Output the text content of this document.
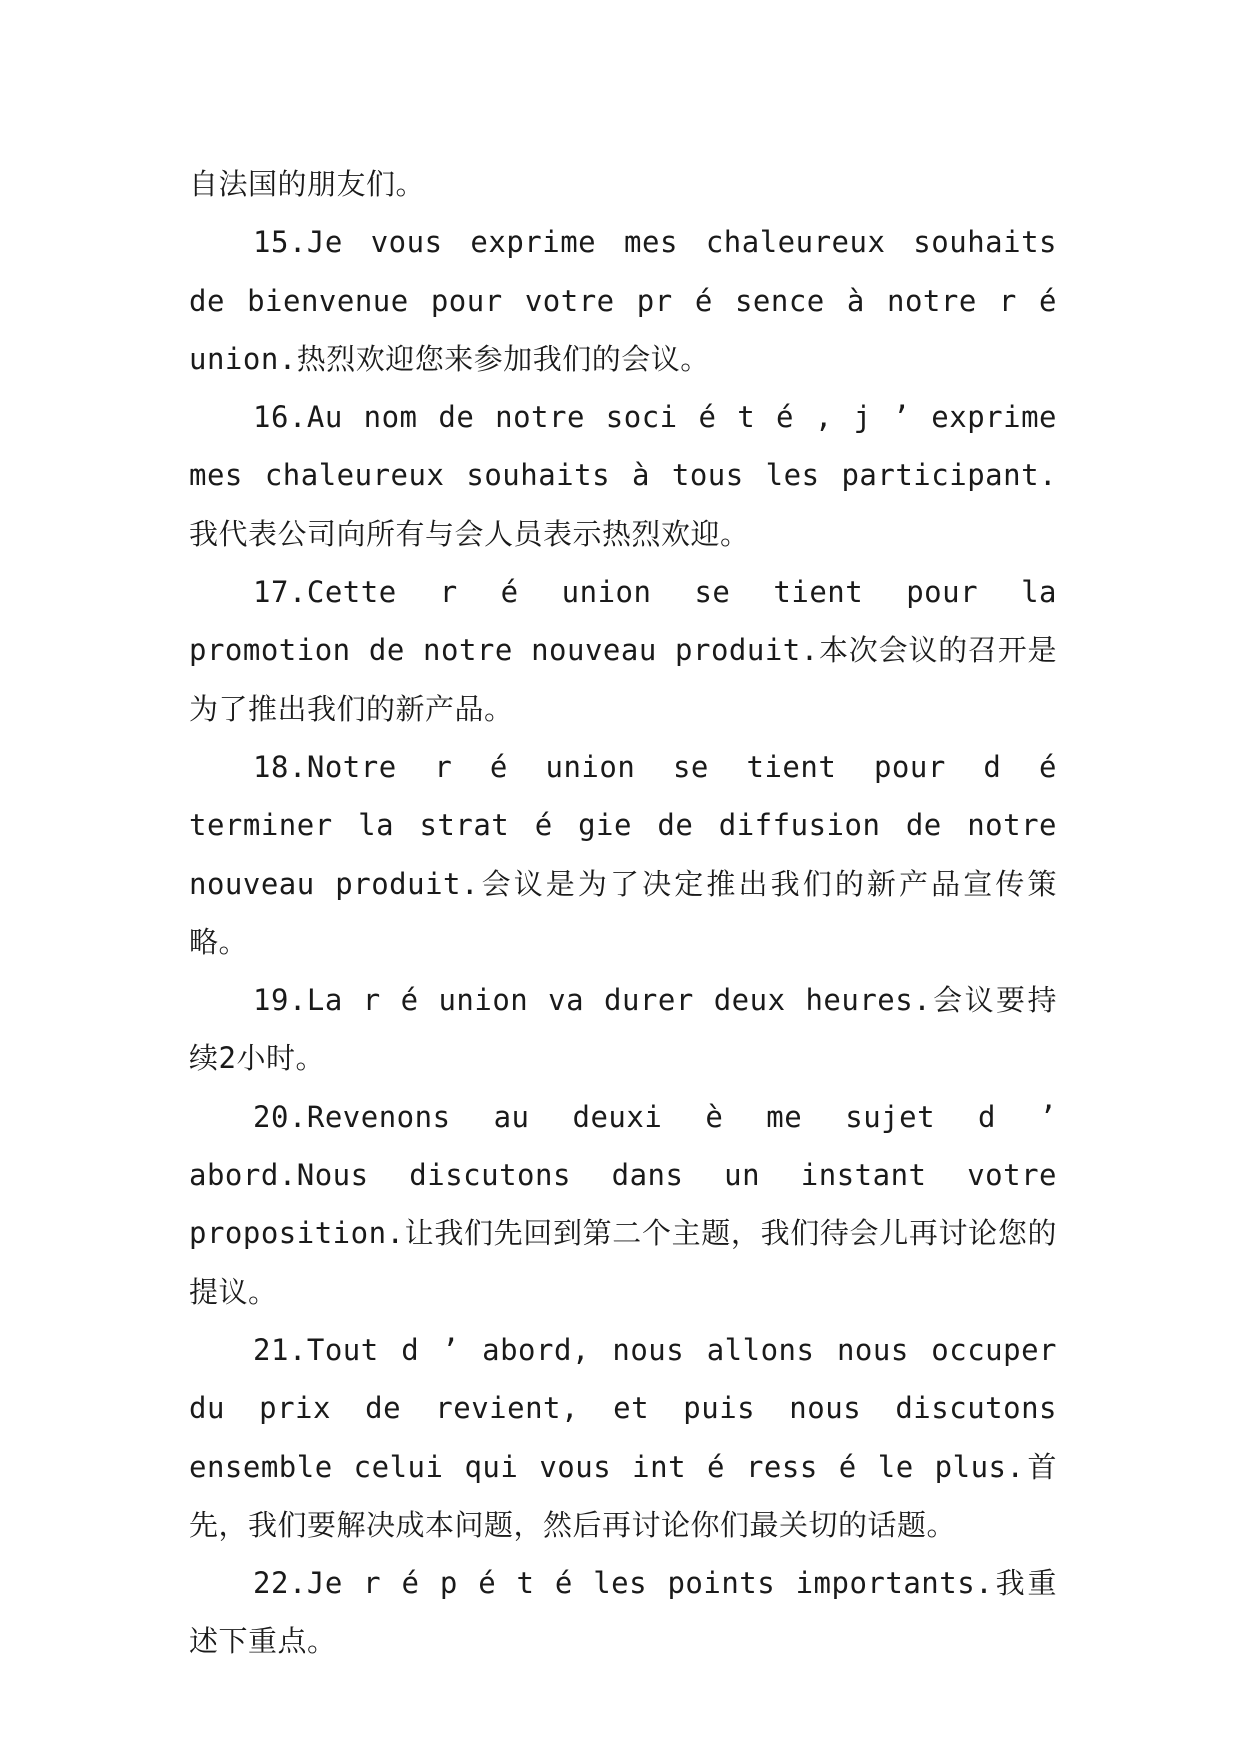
自法国的朋友们。

15.Je vous exprime mes chaleureux souhaits de bienvenue pour votre pr é sence à notre r é union.热烈欢迎您来参加我们的会议。

16.Au nom de notre soci é t é , j ’ exprime mes chaleureux souhaits à tous les participant.我代表公司向所有与会人员表示热烈欢迎。

17.Cette r é union se tient pour la promotion de notre nouveau produit.本次会议的召开是为了推出我们的新产品。

18.Notre r é union se tient pour d é terminer la strat é gie de diffusion de notre nouveau produit.会议是为了决定推出我们的新产品宣传策略。

19.La r é union va durer deux heures.会议要持续2小时。

20.Revenons au deuxi è me sujet d ’ abord.Nous discutons dans un instant votre proposition.让我们先回到第二个主题，我们待会儿再讨论您的提议。

21.Tout d ’ abord, nous allons nous occuper du prix de revient, et puis nous discutons ensemble celui qui vous int é ress é le plus.首先，我们要解决成本问题，然后再讨论你们最关切的话题。

22.Je r é p é t é les points importants.我重述下重点。
